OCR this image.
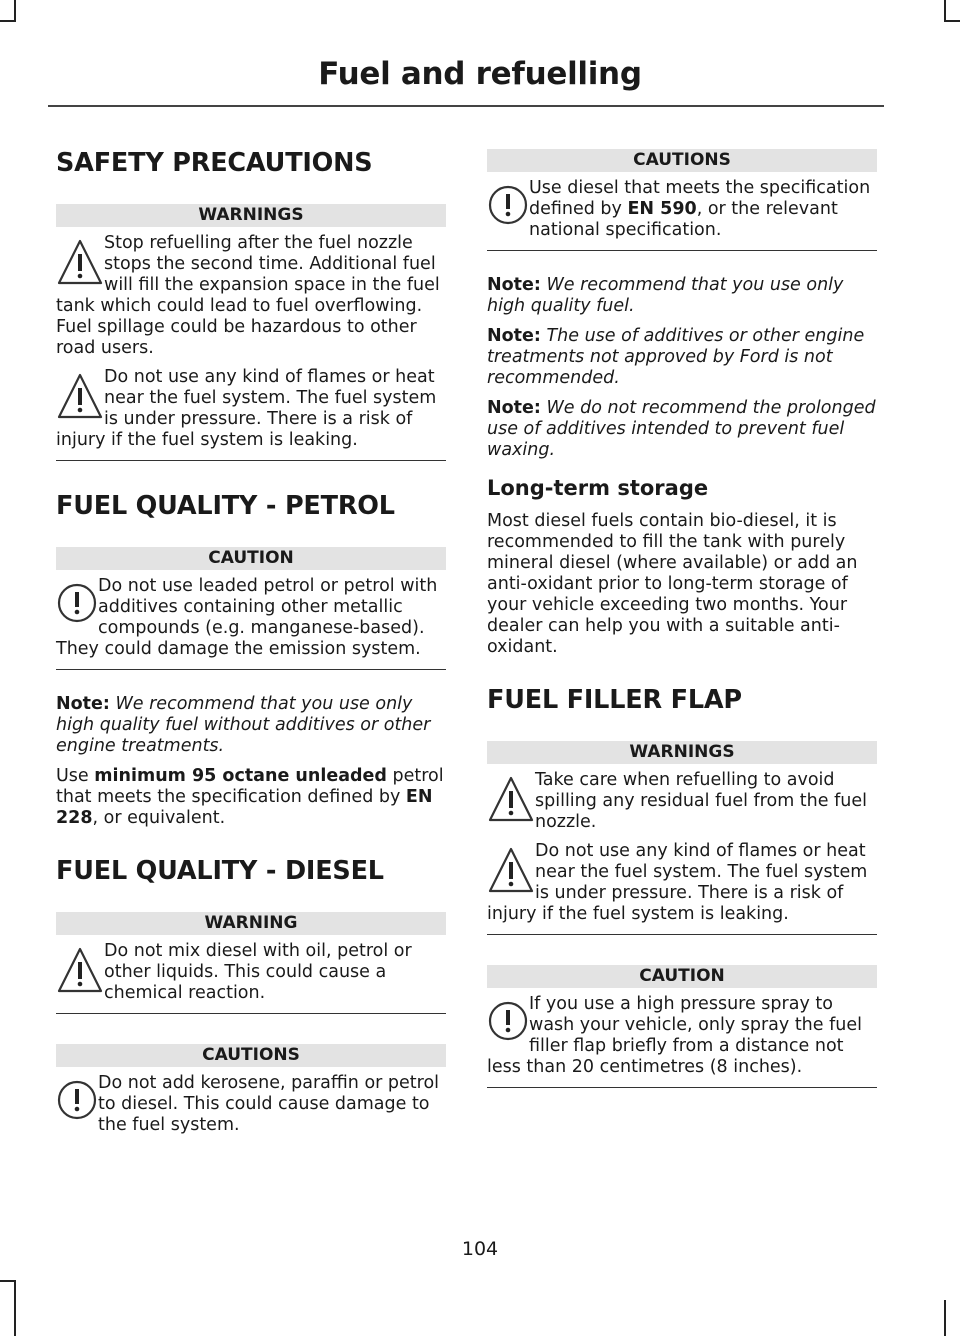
Fuel and refuelling
SAFETY PRECAUTIONS
WARNINGS
Stop refuelling after the fuel nozzle stops the second time. Additional fuel will fill the expansion space in the fuel tank which could lead to fuel overflowing. Fuel spillage could be hazardous to other road users.
Do not use any kind of flames or heat near the fuel system. The fuel system is under pressure. There is a risk of injury if the fuel system is leaking.
FUEL QUALITY - PETROL
CAUTION
Do not use leaded petrol or petrol with additives containing other metallic compounds (e.g. manganese-based). They could damage the emission system.

Note: We recommend that you use only high quality fuel without additives or other engine treatments.

Use minimum 95 octane unleaded petrol that meets the specification defined by EN 228, or equivalent.

FUEL QUALITY - DIESEL
WARNING
Do not mix diesel with oil, petrol or other liquids. This could cause a chemical reaction.
CAUTIONS
Do not add kerosene, paraffin or petrol to diesel. This could cause damage to the fuel system.
CAUTIONS
Use diesel that meets the specification defined by EN 590, or the relevant national specification.

Note: We recommend that you use only high quality fuel.

Note: The use of additives or other engine treatments not approved by Ford is not recommended.

Note: We do not recommend the prolonged use of additives intended to prevent fuel waxing.

Long-term storage

Most diesel fuels contain bio-diesel, it is recommended to fill the tank with purely mineral diesel (where available) or add an anti-oxidant prior to long-term storage of your vehicle exceeding two months. Your dealer can help you with a suitable anti-oxidant.

FUEL FILLER FLAP
WARNINGS
Take care when refuelling to avoid spilling any residual fuel from the fuel nozzle.
Do not use any kind of flames or heat near the fuel system. The fuel system is under pressure. There is a risk of injury if the fuel system is leaking.
CAUTION
If you use a high pressure spray to wash your vehicle, only spray the fuel filler flap briefly from a distance not less than 20 centimetres (8 inches).
104
